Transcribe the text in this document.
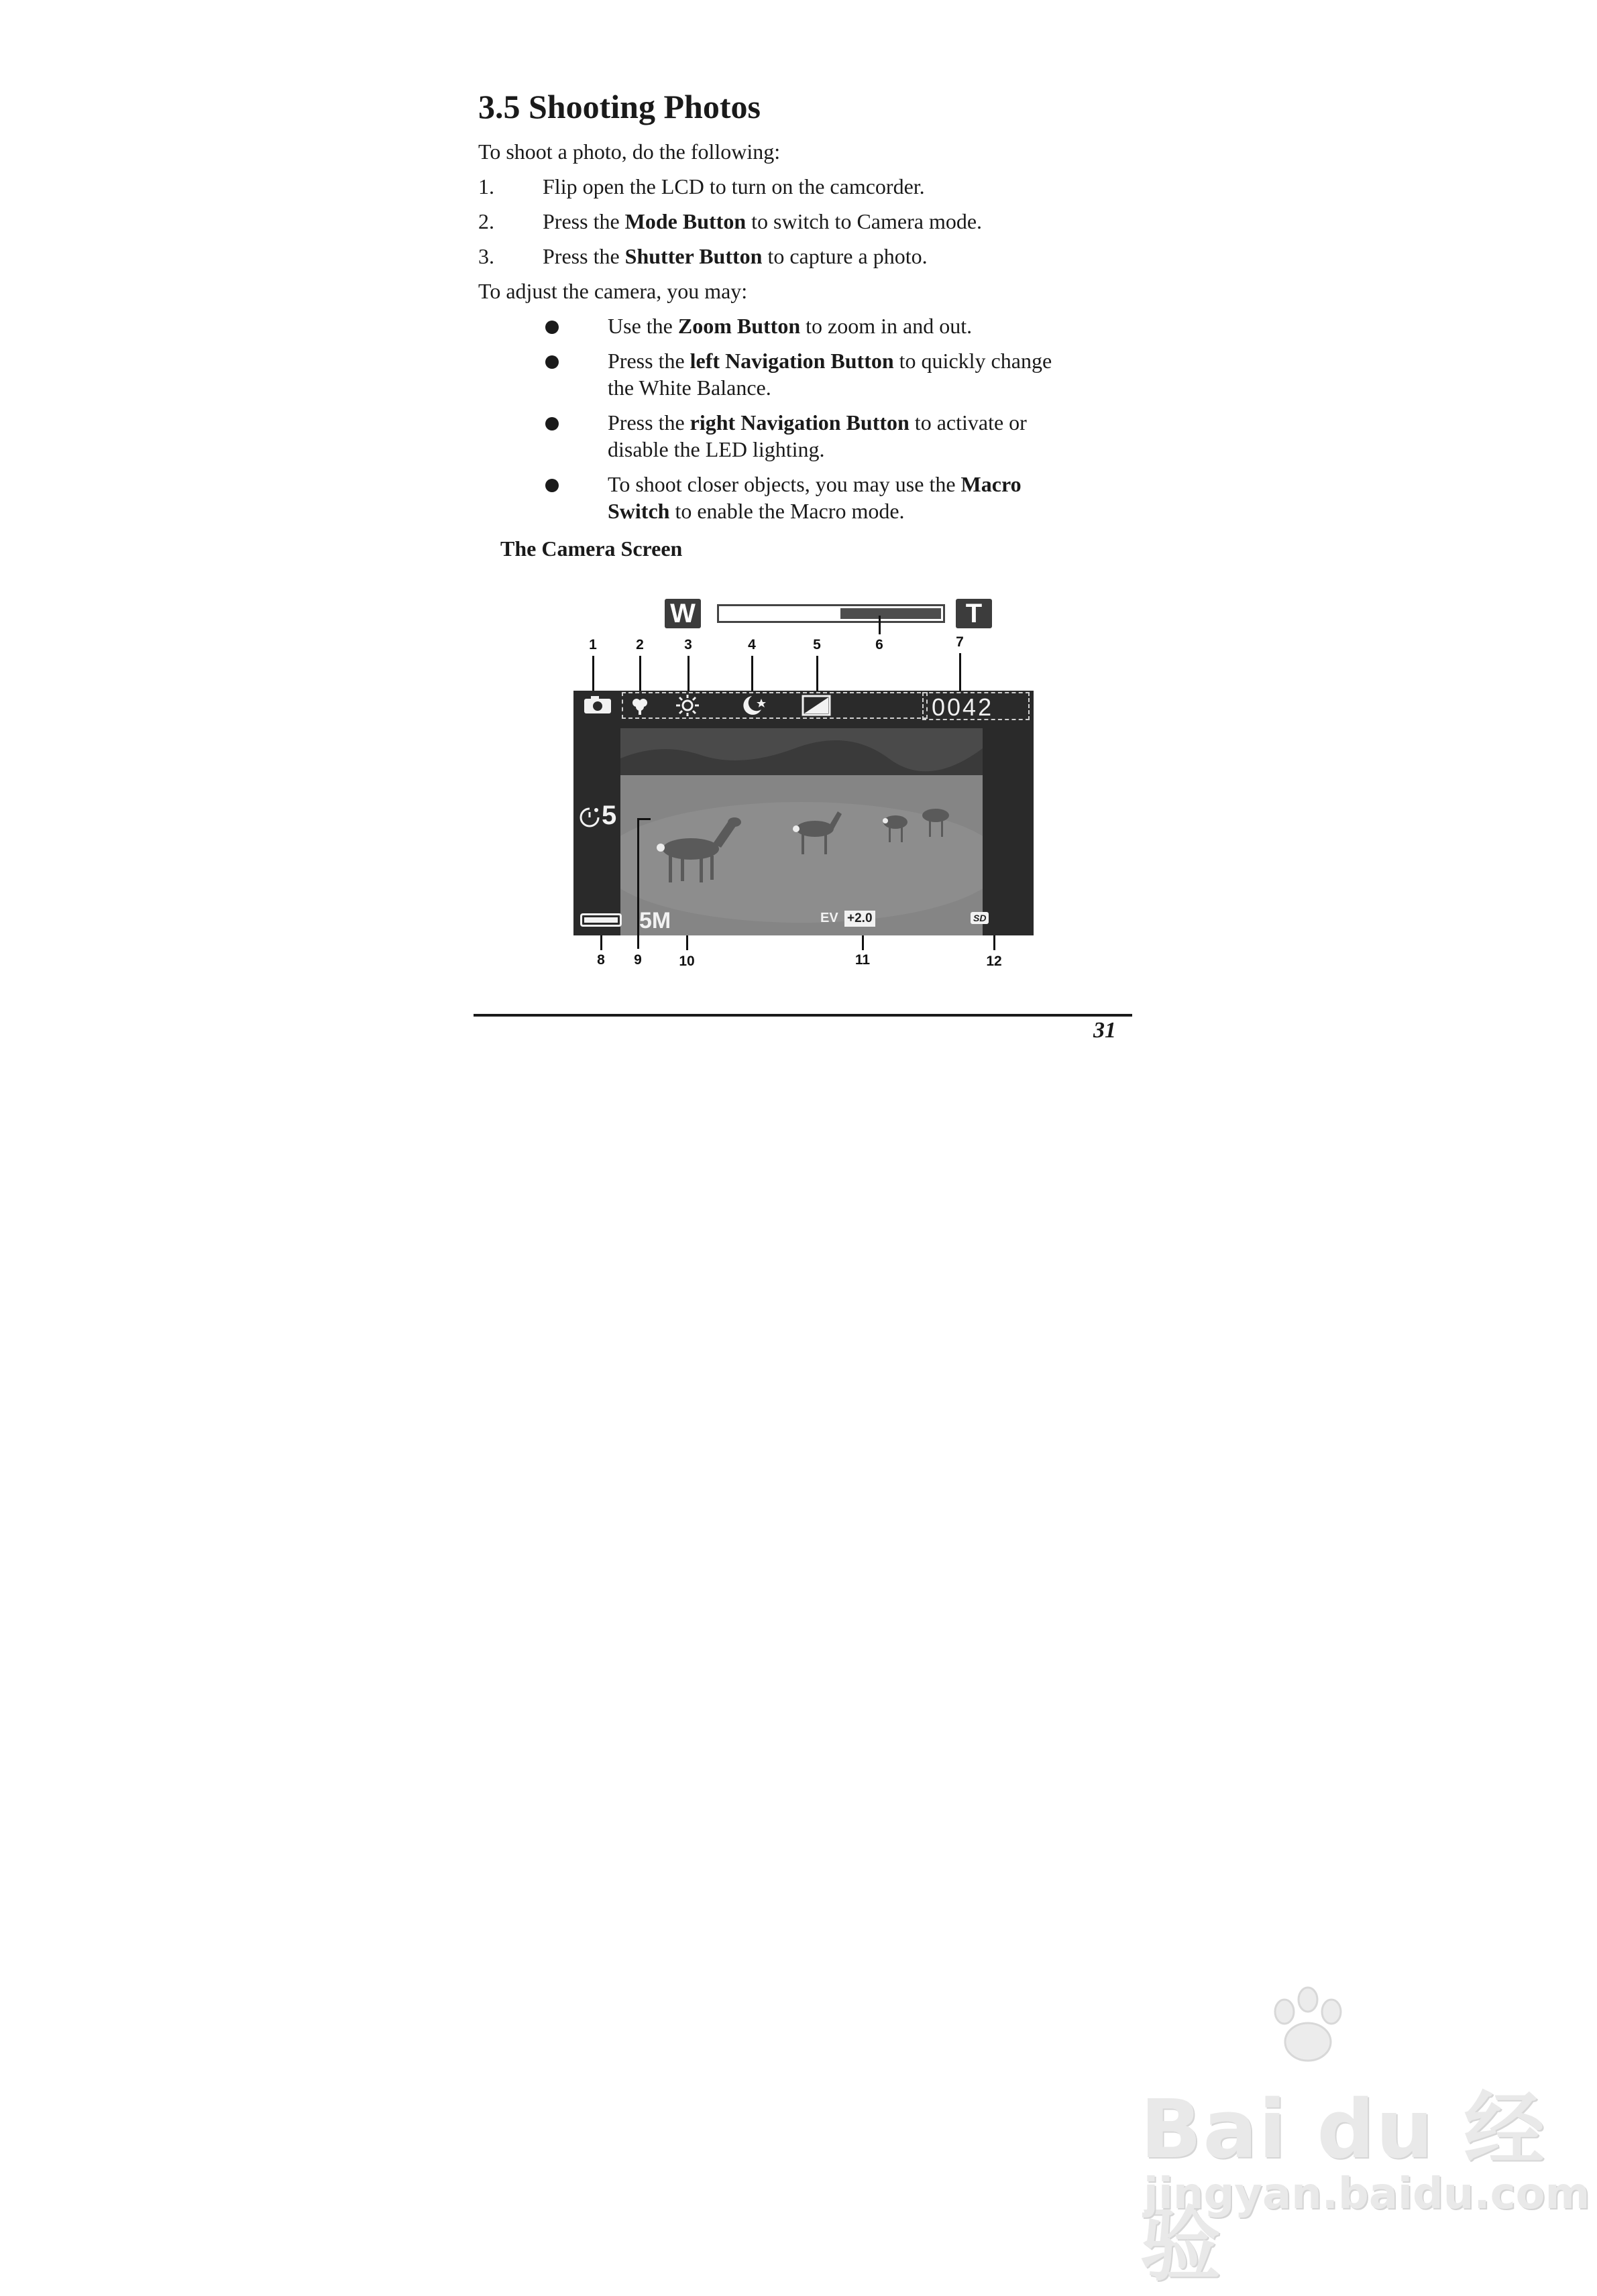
3.5 Shooting Photos
To shoot a photo, do the following:
1. Flip open the LCD to turn on the camcorder.
2. Press the Mode Button to switch to Camera mode.
3. Press the Shutter Button to capture a photo.
To adjust the camera, you may:
Use the Zoom Button to zoom in and out.
Press the left Navigation Button to quickly change
the White Balance.
Press the right Navigation Button to activate or
disable the LED lighting.
To shoot closer objects, you may use the Macro
Switch to enable the Macro mode.
The Camera Screen
W	T
1	2	3	4	5	6	7
0042
5
5M	EV +2.0	SD
8	9	10	11	12
31
Bai du 经验
jingyan.baidu.com
